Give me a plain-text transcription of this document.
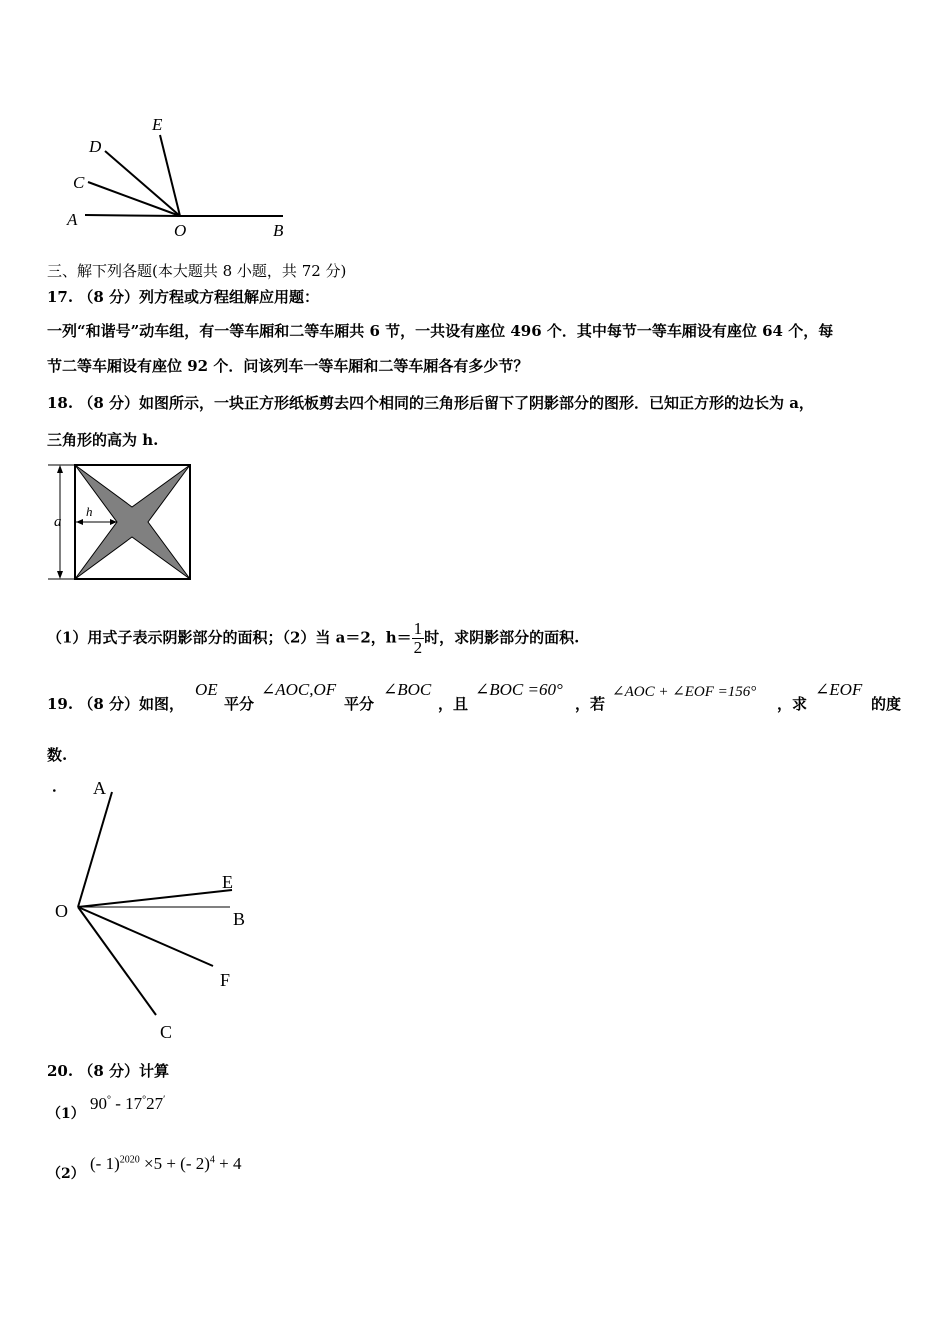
E
D
C
A
O	B
三、解下列各题(本大题共 8 小题，共 72 分)
17. （8 分）列方程或方程组解应用题：
一列“和谐号”动车组，有一等车厢和二等车厢共 6 节，一共设有座位 496 个．其中每节一等车厢设有座位 64 个，每
节二等车厢设有座位 92 个．问该列车一等车厢和二等车厢各有多少节？
18. （8 分）如图所示，一块正方形纸板剪去四个相同的三角形后留下了阴影部分的图形．已知正方形的边长为 a，
三角形的高为 h.
a
h
（1）用式子表示阴影部分的面积；（2）当 a＝2，$h= \frac{1}{2}$ 时，求阴影部分的面积.
19. （8 分）如图，
OE
平分
∠AOC,OF
平分
∠BOC
，且
∠BOC =60°
，若
∠AOC + ∠EOF =156°
，求
∠EOF
的度
数.
． A
E
O	B
F
C
20. （8 分）计算
（1）
90° - 17°27′
（2）
(- 1)$^{2020}$ ×5 + (- 2)$^4$ + 4
